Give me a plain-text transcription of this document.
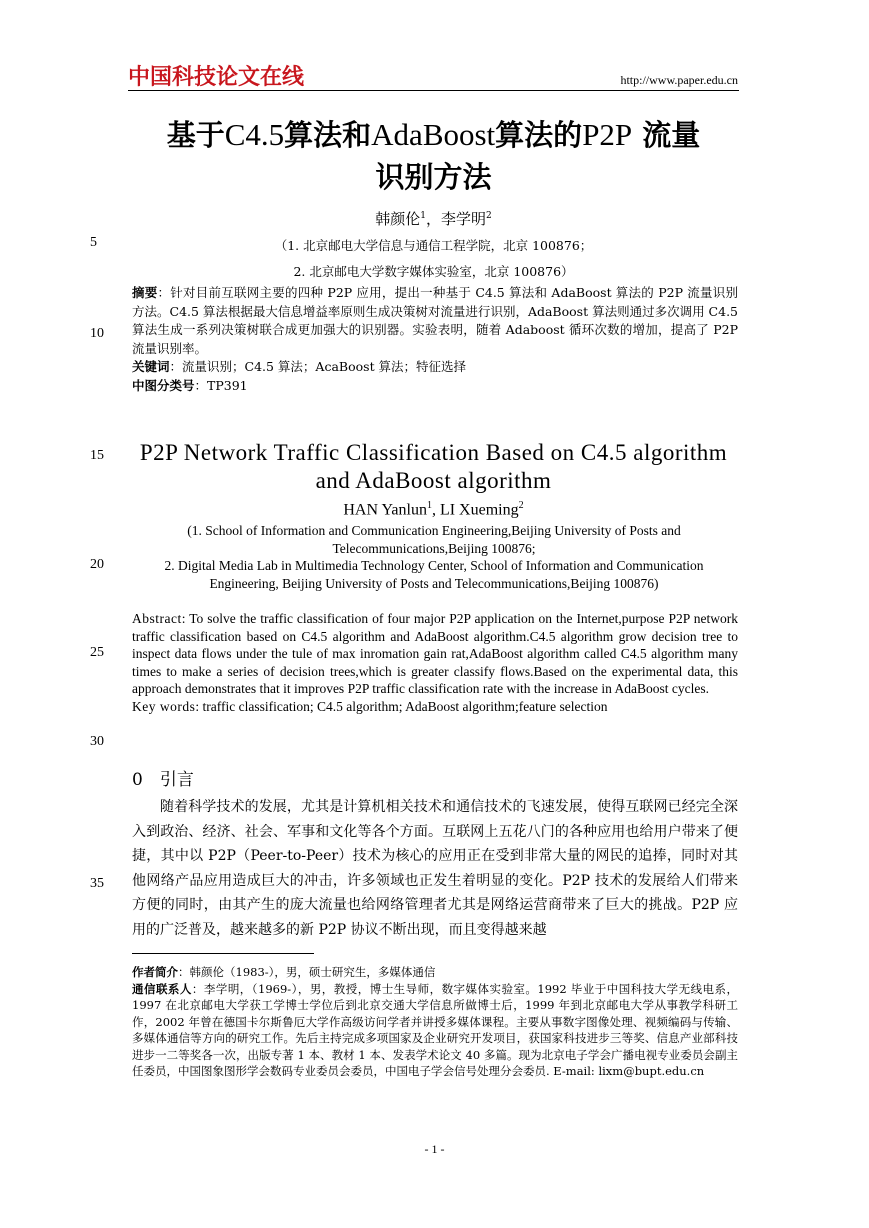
中国科技论文在线	http://www.paper.edu.cn
基于C4.5算法和AdaBoost算法的P2P 流量
识别方法
韩颜伦$^1$，李学明$^2$
（1. 北京邮电大学信息与通信工程学院，北京 100876；
2. 北京邮电大学数字媒体实验室，北京 100876）
摘要：针对目前互联网主要的四种 P2P 应用，提出一种基于 C4.5 算法和 AdaBoost 算法的 P2P 流量识别方法。C4.5 算法根据最大信息增益率原则生成决策树对流量进行识别，AdaBoost 算法则通过多次调用 C4.5 算法生成一系列决策树联合成更加强大的识别器。实验表明，随着 Adaboost 循环次数的增加，提高了 P2P 流量识别率。
关键词：流量识别；C4.5 算法；AcaBoost 算法；特征选择
中图分类号：TP391
P2P Network Traffic Classification Based on C4.5 algorithm
and AdaBoost algorithm
HAN Yanlun$^1$, LI Xueming$^2$
(1. School of Information and Communication Engineering,Beijing University of Posts and Telecommunications,Beijing 100876;
2. Digital Media Lab in Multimedia Technology Center, School of Information and Communication Engineering, Beijing University of Posts and Telecommunications,Beijing 100876)
Abstract: To solve the traffic classification of four major P2P application on the Internet,purpose P2P network traffic classification based on C4.5 algorithm and AdaBoost algorithm.C4.5 algorithm grow decision tree to inspect data flows under the tule of max inromation gain rat,AdaBoost algorithm called C4.5 algorithm many times to make a series of decision trees,which is greater classify flows.Based on the experimental data, this approach demonstrates that it improves P2P traffic classification rate with the increase in AdaBoost cycles.
Key words: traffic classification; C4.5 algorithm; AdaBoost algorithm;feature selection
0　引言

随着科学技术的发展，尤其是计算机相关技术和通信技术的飞速发展，使得互联网已经完全深入到政治、经济、社会、军事和文化等各个方面。互联网上五花八门的各种应用也给用户带来了便捷，其中以 P2P（Peer-to-Peer）技术为核心的应用正在受到非常大量的网民的追捧，同时对其他网络产品应用造成巨大的冲击，许多领域也正发生着明显的变化。P2P 技术的发展给人们带来方便的同时，由其产生的庞大流量也给网络管理者尤其是网络运营商带来了巨大的挑战。P2P 应用的广泛普及，越来越多的新 P2P 协议不断出现，而且变得越来越

作者简介：韩颜伦（1983-），男，硕士研究生，多媒体通信

通信联系人：李学明，（1969-），男，教授，博士生导师，数字媒体实验室。1992 毕业于中国科技大学无线电系，1997 在北京邮电大学获工学博士学位后到北京交通大学信息所做博士后，1999 年到北京邮电大学从事教学科研工作，2002 年曾在德国卡尔斯鲁厄大学作高级访问学者并讲授多媒体课程。主要从事数字图像处理、视频编码与传输、多媒体通信等方向的研究工作。先后主持完成多项国家及企业研究开发项目，获国家科技进步三等奖、信息产业部科技进步一二等奖各一次，出版专著 1 本、教材 1 本、发表学术论文 40 多篇。现为北京电子学会广播电视专业委员会副主任委员，中国图象图形学会数码专业委员会委员，中国电子学会信号处理分会委员. E-mail: lixm@bupt.edu.cn

5
10
15
20
25
30
35
- 1 -
